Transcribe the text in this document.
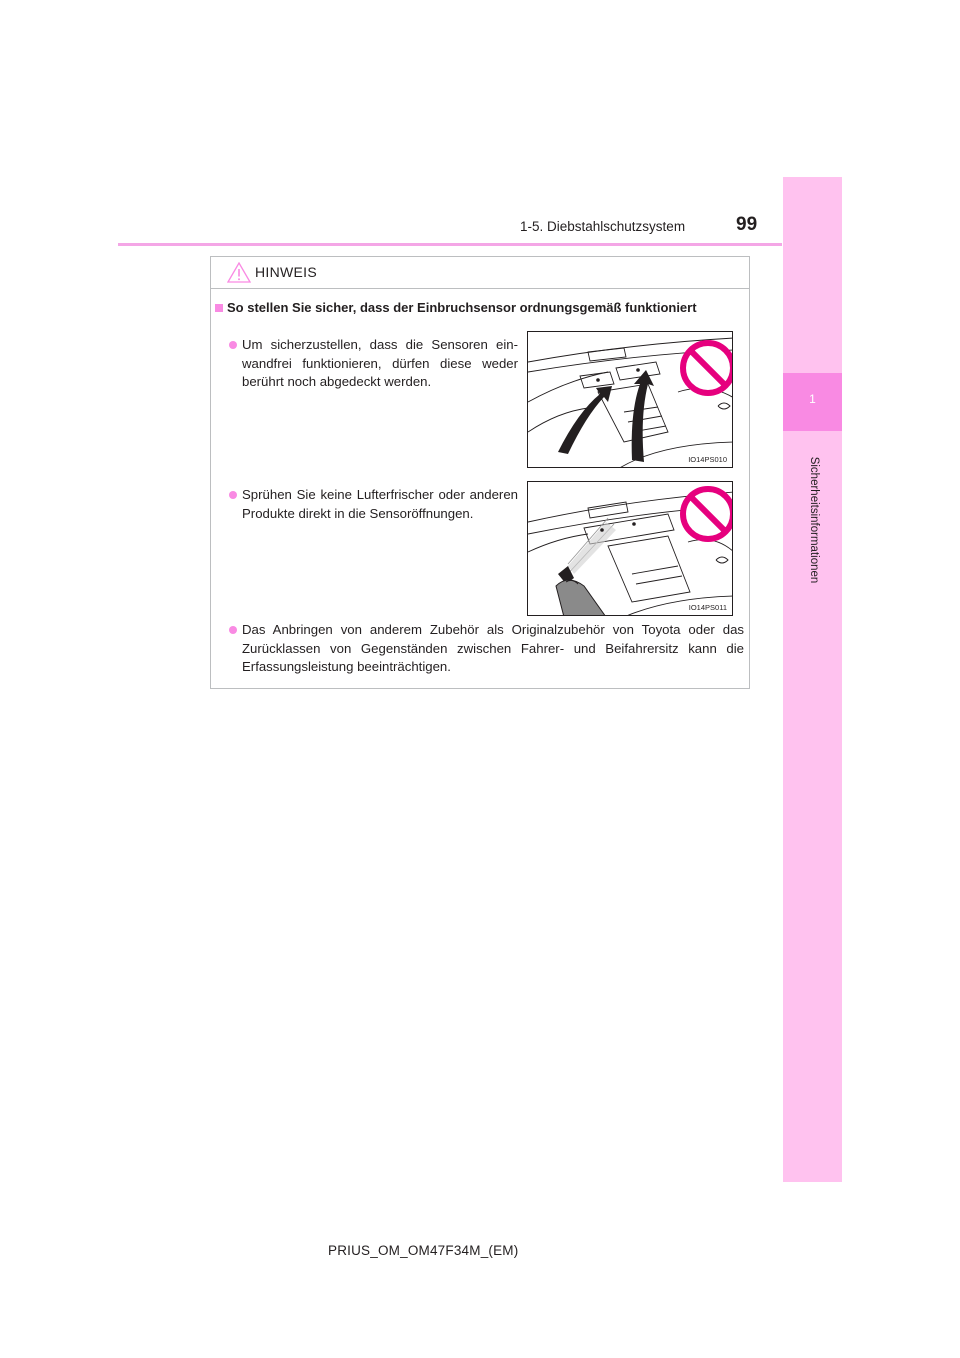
1-5. Diebstahlschutzsystem	99
1
Sicherheitsinformationen
HINWEIS
So stellen Sie sicher, dass der Einbruchsensor ordnungsgemäß funktioniert
Um sicherzustellen, dass die Sensoren einwandfrei funktionieren, dürfen diese weder berührt noch abgedeckt werden.
IO14PS010
Sprühen Sie keine Lufterfrischer oder anderen Produkte direkt in die Sensoröffnungen.
IO14PS011
Das Anbringen von anderem Zubehör als Originalzubehör von Toyota oder das Zurücklassen von Gegenständen zwischen Fahrer- und Beifahrersitz kann die Erfassungsleistung beeinträchtigen.
PRIUS_OM_OM47F34M_(EM)
